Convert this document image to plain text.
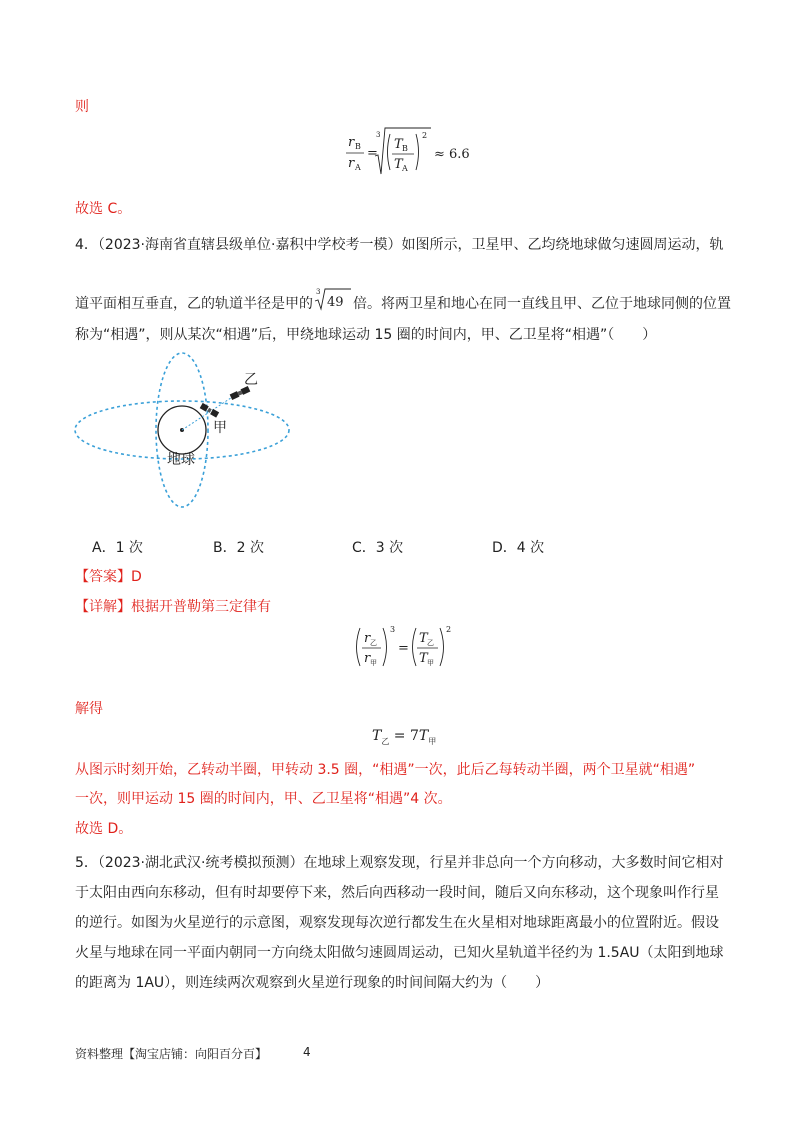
则
r B
r A
=
3
T B
T A
2
≈ 6.6
故选 C。
4．（2023·海南省直辖县级单位·嘉积中学校考一模）如图所示，卫星甲、乙均绕地球做匀速圆周运动，轨
道平面相互垂直，乙的轨道半径是甲的
3
49 倍。将两卫星和地心在同一直线且甲、乙位于地球同侧的位置
称为“相遇”，则从某次“相遇”后，甲绕地球运动 15 圈的时间内，甲、乙卫星将“相遇”（　　）
乙
甲
地球
A．1 次	B．2 次	C．3 次	D．4 次
【答案】D
【详解】根据开普勒第三定律有
r 乙
r 甲
3
=
T 乙
T 甲
2
解得
$T_乙 = 7T_甲$
从图示时刻开始，乙转动半圈，甲转动 3.5 圈，“相遇”一次，此后乙每转动半圈，两个卫星就“相遇”
一次，则甲运动 15 圈的时间内，甲、乙卫星将“相遇”4 次。
故选 D。
5．（2023·湖北武汉·统考模拟预测）在地球上观察发现，行星并非总向一个方向移动，大多数时间它相对
于太阳由西向东移动，但有时却要停下来，然后向西移动一段时间，随后又向东移动，这个现象叫作行星
的逆行。如图为火星逆行的示意图，观察发现每次逆行都发生在火星相对地球距离最小的位置附近。假设
火星与地球在同一平面内朝同一方向绕太阳做匀速圆周运动，已知火星轨道半径约为 1.5AU（太阳到地球
的距离为 1AU），则连续两次观察到火星逆行现象的时间间隔大约为（　　）
资料整理【淘宝店铺：向阳百分百】	4
